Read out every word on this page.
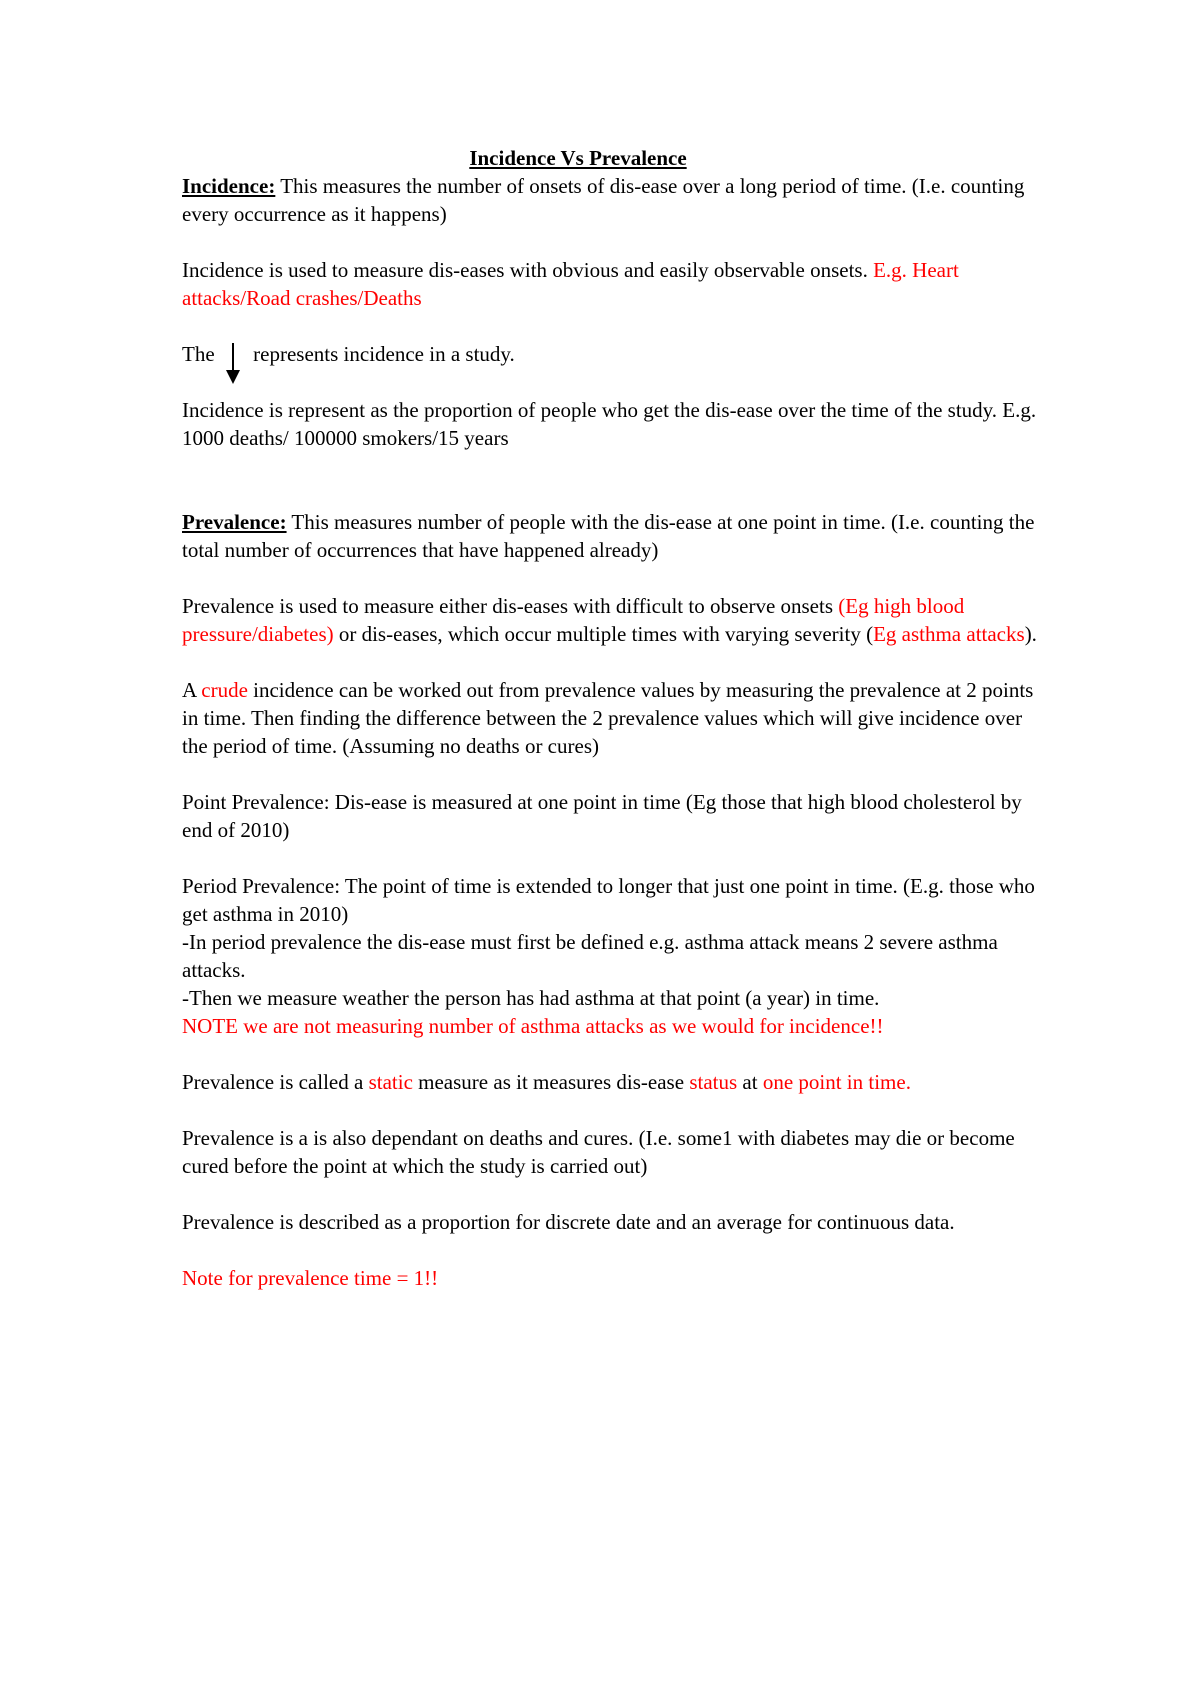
Incidence Vs Prevalence

Incidence: This measures the number of onsets of dis-ease over a long period of time. (I.e. counting every occurrence as it happens)

Incidence is used to measure dis-eases with obvious and easily observable onsets. E.g. Heart attacks/Road crashes/Deaths

The
represents incidence in a study.

Incidence is represent as the proportion of people who get the dis-ease over the time of the study. E.g. 1000 deaths/ 100000 smokers/15 years

Prevalence: This measures number of people with the dis-ease at one point in time. (I.e. counting the total number of occurrences that have happened already)

Prevalence is used to measure either dis-eases with difficult to observe onsets (Eg high blood pressure/diabetes) or dis-eases, which occur multiple times with varying severity (Eg asthma attacks).

A crude incidence can be worked out from prevalence values by measuring the prevalence at 2 points in time. Then finding the difference between the 2 prevalence values which will give incidence over the period of time. (Assuming no deaths or cures)

Point Prevalence: Dis-ease is measured at one point in time (Eg those that high blood cholesterol by end of 2010)

Period Prevalence: The point of time is extended to longer that just one point in time. (E.g. those who get asthma in 2010)
-In period prevalence the dis-ease must first be defined e.g. asthma attack means 2 severe asthma attacks.
-Then we measure weather the person has had asthma at that point (a year) in time.
NOTE we are not measuring number of asthma attacks as we would for incidence!!

Prevalence is called a static measure as it measures dis-ease status at one point in time.

Prevalence is a is also dependant on deaths and cures. (I.e. some1 with diabetes may die or become cured before the point at which the study is carried out)

Prevalence is described as a proportion for discrete date and an average for continuous data.

Note for prevalence time = 1!!
